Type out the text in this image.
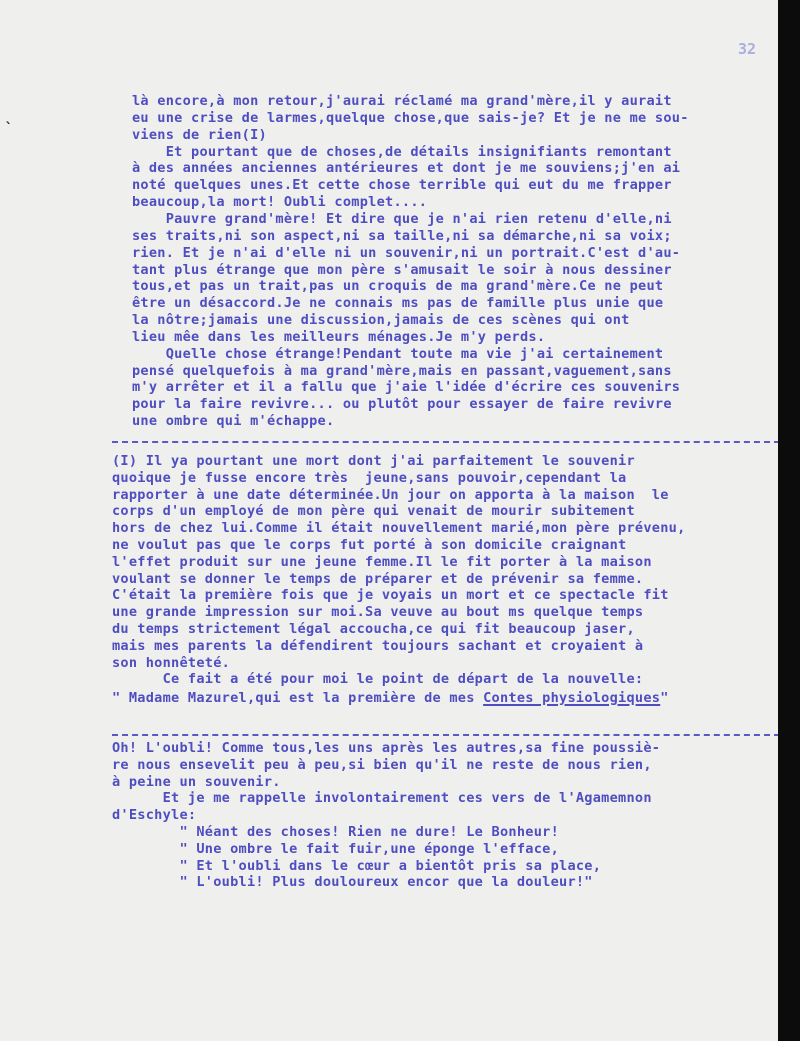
ˎ
32
là encore,à mon retour,j'aurai réclamé ma grand'mère,il y aurait
eu une crise de larmes,quelque chose,que sais-je? Et je ne me sou-
viens de rien(I)
Et pourtant que de choses,de détails insignifiants remontant
à des années anciennes antérieures et dont je me souviens;j'en ai
noté quelques unes.Et cette chose terrible qui eut du me frapper
beaucoup,la mort! Oubli complet....
Pauvre grand'mère! Et dire que je n'ai rien retenu d'elle,ni
ses traits,ni son aspect,ni sa taille,ni sa démarche,ni sa voix;
rien. Et je n'ai d'elle ni un souvenir,ni un portrait.C'est d'au-
tant plus étrange que mon père s'amusait le soir à nous dessiner
tous,et pas un trait,pas un croquis de ma grand'mère.Ce ne peut
être un désaccord.Je ne connais ms pas de famille plus unie que
la nôtre;jamais une discussion,jamais de ces scènes qui ont
lieu mêe dans les meilleurs ménages.Je m'y perds.
Quelle chose étrange!Pendant toute ma vie j'ai certainement
pensé quelquefois à ma grand'mère,mais en passant,vaguement,sans
m'y arrêter et il a fallu que j'aie l'idée d'écrire ces souvenirs
pour la faire revivre... ou plutôt pour essayer de faire revivre
une ombre qui m'échappe.
(I) Il ya pourtant une mort dont j'ai parfaitement le souvenir
quoique je fusse encore très  jeune,sans pouvoir,cependant la
rapporter à une date déterminée.Un jour on apporta à la maison  le
corps d'un employé de mon père qui venait de mourir subitement
hors de chez lui.Comme il était nouvellement marié,mon père prévenu,
ne voulut pas que le corps fut porté à son domicile craignant
l'effet produit sur une jeune femme.Il le fit porter à la maison
voulant se donner le temps de préparer et de prévenir sa femme.
C'était la première fois que je voyais un mort et ce spectacle fit
une grande impression sur moi.Sa veuve au bout ms quelque temps
du temps strictement légal accoucha,ce qui fit beaucoup jaser,
mais mes parents la défendirent toujours sachant et croyaient à
son honnêteté.
Ce fait a été pour moi le point de départ de la nouvelle:
" Madame Mazurel,qui est la première de mes Contes physiologiques"
Oh! L'oubli! Comme tous,les uns après les autres,sa fine poussiè-
re nous ensevelit peu à peu,si bien qu'il ne reste de nous rien,
à peine un souvenir.
Et je me rappelle involontairement ces vers de l'Agamemnon
d'Eschyle:
" Néant des choses! Rien ne dure! Le Bonheur!
" Une ombre le fait fuir,une éponge l'efface,
" Et l'oubli dans le cœur a bientôt pris sa place,
" L'oubli! Plus douloureux encor que la douleur!"
